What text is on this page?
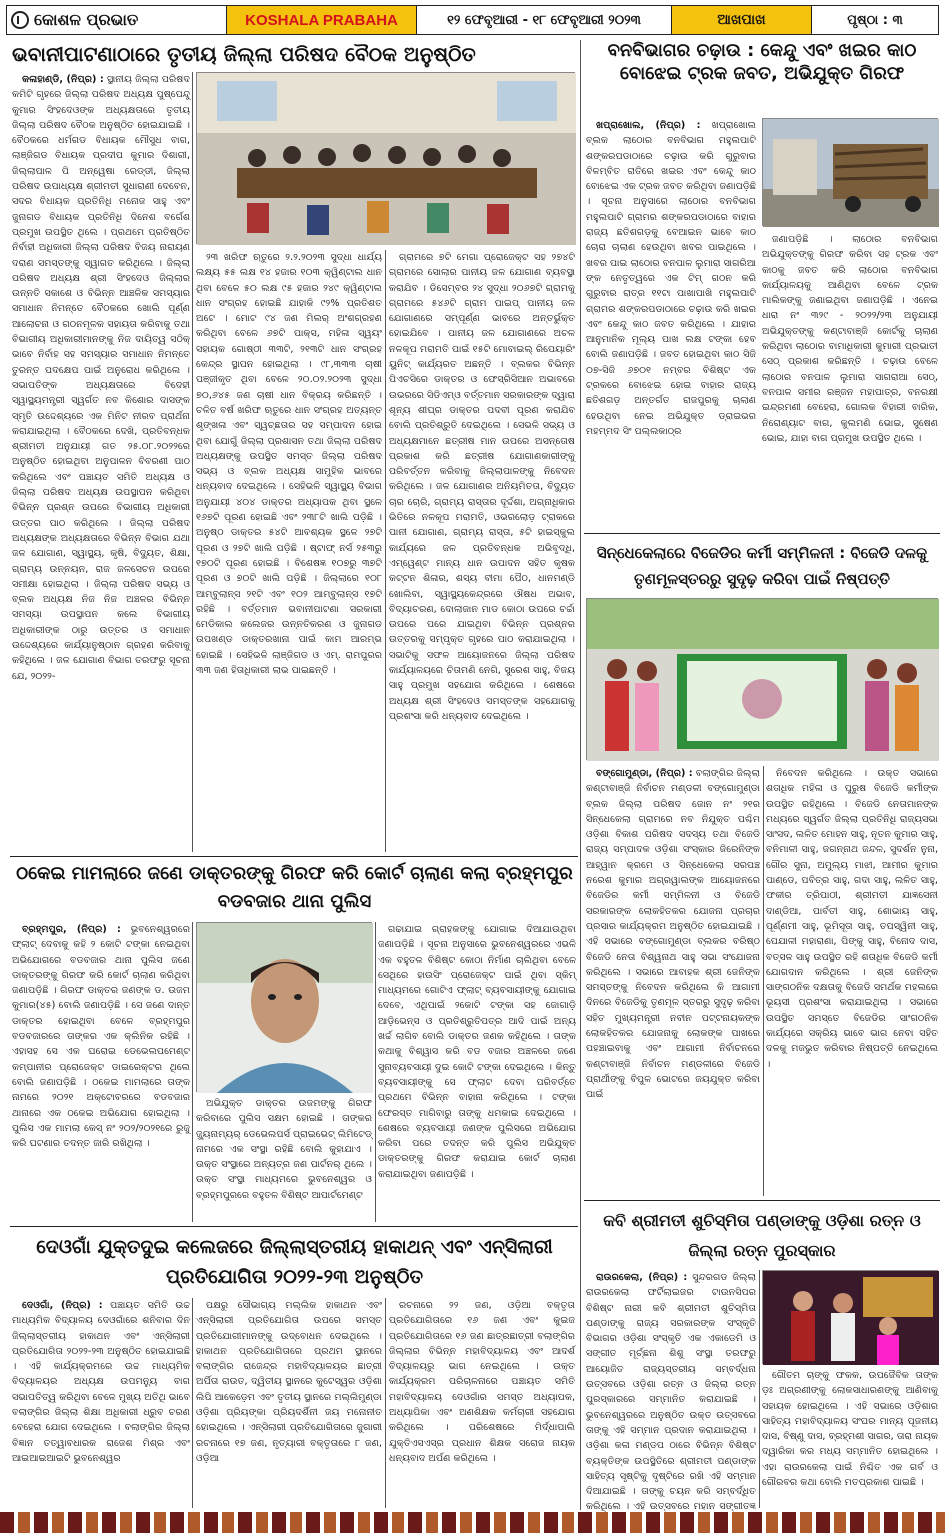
କୋଶଳ ପ୍ରଭାତ	KOSHALA PRABAHA	୧୨ ଫେବୃଆରୀ - ୧୮ ଫେବୃଆରୀ ୨୦୨୩	ଆଖପାଖ	ପୃଷ୍ଠା : ୩
ଭବାନୀପାଟଣାଠାରେ ତୃତୀୟ ଜିଲ୍ଲା ପରିଷଦ ବୈଠକ ଅନୁଷ୍ଠିତ

କଳାହାଣ୍ଡି, (ନିପ୍ର) : ସ୍ଥାନୀୟ ଜିଲ୍ଲା ପରିଷଦ କମିଟି ଗୃହରେ ଜିଲ୍ଲା ପରିଷଦ ଅଧ୍ୟକ୍ଷ ପୁଷ୍ପେନ୍ଦୁ କୁମାର ସିଂହଦେଓଙ୍କ ଅଧ୍ୟକ୍ଷତାରେ ତୃତୀୟ ଜିଲ୍ଲା ପରିଷଦ ବୈଠକ ଅନୁଷ୍ଠିତ ହୋଇଯାଇଛି । ବୈଠକରେ ଧର୍ମଗଡ ବିଧାୟକ ମୌସୁଧ ବାଗ, ଲାଞ୍ଜିଗଡ ବିଧାୟକ ପ୍ରଦୀପ କୁମାର ଦିଶାରୀ, ଜିଲ୍ଲାପାଳ ପି ଅନ୍ୱେଷା ରେଡ୍ଡୀ, ଜିଲ୍ଲା ପରିଷଦ ଉପାଧ୍ୟକ୍ଷ ଶ୍ରୀମତୀ ସୁଧାରାଣୀ ଦେବେନ, ସଦର ବିଧାୟକ ପ୍ରତିନିଧି ମନୋଜ ସାହୁ ଏବଂ ଜୁନାଗଡ ବିଧାୟକ ପ୍ରତିନିଧି ଦିନେଶ ବର୍ଗେଶ ପ୍ରମୁଖ ଉପସ୍ଥିତ ଥିଲେ । ପ୍ରଥମେ ପ୍ରତିଷ୍ଠିତ ନିର୍ବାହୀ ଅଧିକାରୀ ଜିଲ୍ଲା ପରିଷଦ ବିଜୟ ନାରାୟଣ ଦରାଣ ସମସ୍ତଙ୍କୁ ସ୍ୱାଗତ କରିଥିଲେ । ଜିଲ୍ଲା ପରିଷଦ ଅଧ୍ୟକ୍ଷ ଶ୍ରୀ ସିଂହଦେଓ ଜିଲ୍ଲାର ଉନ୍ନତି ସକାଶେ ଓ ବିଭିନ୍ନ ଆଞ୍ଚଳିକ ସମସ୍ୟାର ସମାଧାନ ନିମନ୍ତେ ବୈଠକରେ ଖୋଲି ପୂର୍ଣ୍ଣ ଆଲୋଚନା ଓ ଗଠନମୂଳକ ସହାୟତା କରିବାକୁ ତଥା ବିଭାଗୀୟ ଅଧିକାରୀମାନଙ୍କୁ ନିଜ ଦାୟିତ୍ୱ ସଠିକ୍ ଭାବେ ନିର୍ବାହ ସହ ସମସ୍ୟାର ସମାଧାନ ନିମନ୍ତେ ତୁରନ୍ତ ପଦକ୍ଷେପ ପାଇଁ ଅନୁରୋଧ କରିଥିଲେ । ସଭାପତିଙ୍କ ଅଧ୍ୟକ୍ଷତାରେ ବିଦେହୀ ସ୍ୱାସ୍ଥ୍ୟମନ୍ତ୍ରୀ ସ୍ୱର୍ଗତ ନବ କିଶୋର ଦାସଙ୍କ ସ୍ମୃତି ଉଦ୍ଦେଶ୍ୟରେ ଏକ ମିନିଟ ନୀରବ ପ୍ରାର୍ଥନା କରାଯାଇଥିଲା । ବୈଠକରେ ଦେଖି, ପ୍ରତିବନ୍ଧକ ଶ୍ରୀମତୀ ଅନୁଯାୟୀ ଗତ ୨୫.୦୮.୨୦୨୨ରେ ଅନୁଷ୍ଠିତ ହୋଇଥିବା ଅନୁପାଳନ ବିବରଣୀ ପାଠ କରିଥିଲେ ଏବଂ ପଞ୍ଚାୟତ ସମିତି ଅଧ୍ୟକ୍ଷ ଓ ଜିଲ୍ଲା ପରିଷଦ ଅଧ୍ୟକ୍ଷ ଉପସ୍ଥାପନ କରିଥିବା ବିଭିନ୍ନ ପ୍ରଶ୍ନ ଉପରେ ବିଭାଗୀୟ ଅଧିକାରୀ ଉତ୍ତର ପାଠ କରିଥିଲେ । ଜିଲ୍ଲା ପରିଷଦ ଅଧ୍ୟକ୍ଷଙ୍କ ଅଧ୍ୟକ୍ଷତାରେ ବିଭିନ୍ନ ବିଭାଗ ଯଥା ଜଳ ଯୋଗାଣ, ସ୍ୱାସ୍ଥ୍ୟ, କୃଷି, ବିଦ୍ୟୁତ, ଶିକ୍ଷା, ଗ୍ରାମ୍ୟ ଉନ୍ନୟନ, ରାଜ ଜଳସେଚନ ଉପରେ ସମୀକ୍ଷା ହୋଇଥିଲା । ଜିଲ୍ଲା ପରିଷଦ ସଭ୍ୟ ଓ ବ୍ଲକ ଅଧ୍ୟକ୍ଷ ନିଜ ନିଜ ଅଞ୍ଚଳର ବିଭିନ୍ନ ସମସ୍ୟା ଉପସ୍ଥାପନ କଲେ ବିଭାଗୀୟ ଅଧିକାରୀଙ୍କ ଠାରୁ ଉତ୍ତର ଓ ସମାଧାନ ଉଦ୍ଦେଶ୍ୟରେ କାର୍ଯ୍ୟାନୁଷ୍ଠାନ ଗ୍ରହଣ କରିବାକୁ କହିଥିଲେ । ଜଳ ଯୋଗାଣ ବିଭାଗ ତରଫରୁ ସୂଚନା ଯେ, ୨୦୨୨-

୨୩ ଖରିଫ ଋତୁରେ ୨.୨.୨୦୨୩ ସୁଦ୍ଧା ଧାର୍ଯ୍ୟ ଲକ୍ଷ୍ୟ ୫୫ ଲକ୍ଷ ୧୪ ହଜାର ୧୦୩ କ୍ୱିଣ୍ଟାଲ ଧାନ ଥିବା ବେଳେ ୫୦ ଲକ୍ଷ ୯୫ ହଜାର ୨୪୯ କ୍ୱିଣ୍ଟାଲ ଧାନ ସଂଗ୍ରହ ହୋଇଛି ଯାହାକି ୯୨% ପ୍ରତିଶତ ଅଟେ । ମୋଟ ୯୪ ଜଣ ମିଲର୍ ଅଂଶଗ୍ରହଣ କରିଥିବା ବେଳେ ୬୭ଟି ପାକ୍ସ, ମହିଳା ସ୍ୱୟଂ ସହାୟକ ଗୋଷ୍ଠୀ ୩୩ଟି, ୨୧୩ଟି ଧାନ ସଂଗ୍ରହ କେନ୍ଦ୍ର ସ୍ଥାପନ ହୋଇଥିଲା । ୯୮,୩୩୩ ଚାଷୀ ପଞ୍ଜୀକୃତ ଥିବା ବେଳେ ୨୦.୦୨.୨୦୨୩ ସୁଦ୍ଧା ୭୦,୬୪୫ ଜଣ ଚାଷୀ ଧାନ ବିକ୍ରୟ କରିଛନ୍ତି । ଚଳିତ ବର୍ଷ ଖରିଫ ଋତୁରେ ଧାନ ସଂଗ୍ରହ ଅତ୍ୟନ୍ତ ଶୃଙ୍ଖଳା ଏବଂ ସ୍ୱଚ୍ଛତାର ସହ ସମ୍ପାଦନ ହୋଇ ଥିବା ଯୋଗୁଁ ଜିଲ୍ଲା ପ୍ରଶାସନ ତଥା ଜିଲ୍ଲା ପରିଷଦ ଅଧ୍ୟକ୍ଷଙ୍କୁ ଉପସ୍ଥିତ ସମସ୍ତ ଜିଲ୍ଲା ପରିଷଦ ସଭ୍ୟ ଓ ବ୍ଲକ ଅଧ୍ୟକ୍ଷ ସାମୁହିକ ଭାବରେ ଧନ୍ୟବାଦ ଦେଇଥିଲେ । ସେହିଭଳି ସ୍ୱାସ୍ଥ୍ୟ ବିଭାଗ ଅନୁଯାୟୀ ୪୦୪ ଡାକ୍ତର ଅଧ୍ୟାପକ ଥିବା ସ୍ଥଳେ ୧୬୭ଟି ପୂରଣ ହୋଇଛି ଏବଂ ୨୩୮ଟି ଖାଲି ପଡ଼ିଛି । ଅନୁଷ୍ଠ ଡାକ୍ତର ୫୪ଟି ଆବଶ୍ୟକ ସ୍ଥଳେ ୨୭ଟି ପୂରଣ ଓ ୨୭ଟି ଖାଲି ପଡ଼ିଛି । ଷ୍ଟାଫ୍ ନର୍ସ ୨୫୩ରୁ ୧୭୦ଟି ପୂରଣ ହୋଇଛି । ବିଶେଷଜ୍ଞ ୧୦୭ରୁ ୩୭ଟି ପୂରଣ ଓ ୭୦ଟି ଖାଲି ପଡ଼ିଛି । ଜିଲ୍ଲାରେ ୧୦୮ ଆମ୍ବୁଲାନ୍ସ ୨୧ଟି ଏବଂ ୧୦୨ ଆମ୍ବୁଲାନ୍ସ ୧୭ଟି ରହିଛି । ବର୍ତ୍ତମାନ ଭବାନୀପାଟଣା ସରକାରୀ ମେଡିକାଲ କଲେଜର ଉନ୍ନତିକରଣ ଓ ଜୁନାଗଡ ଉପଖଣ୍ଡ ଡାକ୍ତରଖାନା ପାଇଁ କାମ ଆରମ୍ଭ ହୋଇଛି । ସେହିଭଳି ଲାଞ୍ଜିଗଡ ଓ ଏମ୍. ରାମପୁରର ୩୩ ଜଣ ହିତାଧିକାରୀ ଲାଭ ପାଇଛନ୍ତି ।

ଗ୍ରାମରେ ୭ଟି ମେଗା ପ୍ରୋଜେକ୍ଟ ସହ ୨୭୪ଟି ଗ୍ରାମରେ ସୋଲାର ପାନୀୟ ଜଳ ଯୋଗାଣ ବ୍ୟବସ୍ଥା କରାଯିବ । ଡିସେମ୍ବର ୨୪ ସୁଦ୍ଧା ୨୦୬୭ଟି ଗ୍ରାମକୁ ଗ୍ରାମରେ ୫୪୬ଟି ଗ୍ରାମ ପାଇପ୍ ପାନୀୟ ଜଳ ଯୋଗାଣରେ ସମ୍ପୂର୍ଣ୍ଣ ଭାବରେ ଅନ୍ତର୍ଭୁକ୍ତ ହୋଇଯିବେ । ପାନୀୟ ଜଳ ଯୋଗାଣରେ ଅଚଳ ନଳକୂପ ମରାମତି ପାଇଁ ୧୫ଟି ମୋବାଇଲ୍ ରିପେୟାରିଂ ୟୁନିଟ୍ କାର୍ଯ୍ୟରତ ଅଛନ୍ତି । ବ୍ଲକର ବିଭିନ୍ନ ପିଏଚସିରେ ଡାକ୍ତର ଓ ଫେସ୍ରିସିଆନ ଅଭାବରେ ଉଭରରେ ସିଡିଏମ୍ଓ ବର୍ତ୍ତମାନ ସରକାରଙ୍କ ଦ୍ୱାରା ଶୂନ୍ୟ ଶୀଘ୍ର ଡାକ୍ତର ପଦବୀ ପୂରଣ କରାଯିବ ବୋଲି ପ୍ରତିଶ୍ରୁତି ଦେଇଥିଲେ । ସେଭଳି ସଭ୍ୟ ଓ ଅଧ୍ୟକ୍ଷମାନେ ଛତ୍ରୀଷ ମାନ ଉପରେ ଅସନ୍ତୋଷ ପ୍ରକାଶ କରି ଛତ୍ରୀଷ ଯୋଗାଣକାରୀଙ୍କୁ ପରିବର୍ତ୍ତନ କରିବାକୁ ଜିଲ୍ଲାପାଳଙ୍କୁ ନିବେଦନ କରିଥିଲେ । ଜଳ ଯୋଗାଣର ଅନିୟମିତତା, ବିଦ୍ୟୁତ ଚାର ଚୋରି, ଗ୍ରାମ୍ୟ ରାସ୍ତାର ଦୂର୍ଦ୍ଦଶା, ଅଗ୍ନାଧିକାର ଭିତିରେ ନଳକୂପ ମରାମତି, ଓଭରଲୋଡ଼ ଟ୍ରାକରେ ପାନୀ ଯୋଗାଣ, ଗ୍ରାମ୍ୟ ରାସ୍ତା, ୫ଟି ହାଇସ୍କୁଲ କାର୍ଯ୍ୟରେ ଜଳ ପ୍ରତିବନ୍ଧକ ଅଭିବୃଦ୍ଧି, ଏମ୍ୱେଣ୍ଟ ମାନ୍ୟ ଧାନ ଉପାଦନ ସହିତ କୃଷକ କଟ୍ଟନ ଶିଳାର, ଶସ୍ୟ ବୀମା ପୈଠ, ଧାନମଣ୍ଡି ଖୋଲିବା, ସ୍ୱାସ୍ଥ୍ୟକେନ୍ଦ୍ରରେ ଔଷଧ ଅଭାବ, ବିଦ୍ୟାଚରଣ, ଦୋଲାଜାନ ମାଡ କୋଠା ଉପରେ ଚର୍ଚ୍ଚା ଉପରେ ପରେ ଯାଇଥିବା ବିଭିନ୍ନ ପ୍ରଶ୍ନର ଉତ୍ତରକୁ ସମ୍ପୃକ୍ତ ଗୃହରେ ପାଠ କରାଯାଇଥିଲା । ସଭାଟିକୁ ସଫଳ ଆୟୋଜନରେ ଜିଲ୍ଲା ପରିଷଦ କାର୍ଯ୍ୟାଳୟରେ ଚିତାମଣି ନେଗି, ସୁରେଶ ସାହୁ, ବିଜୟ ସାହୁ ପ୍ରମୁଖ ସହଯୋଗ କରିଥିଲେ । ଶେଷରେ ଅଧ୍ୟକ୍ଷ ଶ୍ରୀ ସିଂହଦେଓ ସମସ୍ତଙ୍କ ସହଯୋଗକୁ ପ୍ରଶଂସା କରି ଧନ୍ୟବାଦ ଦେଇଥିଲେ ।

ବନବିଭାଗର ଚଢ଼ାଉ : କେନ୍ଦୁ ଏବଂ ଖଇର କାଠ ବୋଝେଇ ଟ୍ରକ ଜବତ, ଅଭିଯୁକ୍ତ ଗିରଫ

ଖପ୍ରାଖୋଲ, (ନିପ୍ର) : ଖପ୍ରାଖୋଲ ବ୍ଲକ ଲାଠୋର ବନବିଭାଗ ମହୁଲପାଟି ଶଙ୍କରପଡାଠାରେ ଚଢ଼ାଉ କରି ଗୁରୁବାର ବିଳମ୍ବିତ ରାତିରେ ଖଇର ଏବଂ କେନ୍ଦୁ କାଠ ବୋଝେଇ ଏକ ଟ୍ରକ ଜବତ କରିଥିବା ଜଣାପଡ଼ିଛି । ସୂଚନା ଅନୁସାରେ ଲାଠୋର ବନବିଭାଗ ମହୁଲପାଟି ଗ୍ରାମର ଶଙ୍କରପଡାଠାରେ ବାହାର ରାଜ୍ୟ ଛତିଶଗଡ଼କୁ ବେଆଇନ ଭାବେ କାଠ ଚୋରା ଚାଲାଣ ହେଉଥିବା ଖବର ପାଇଥିଲେ । ଖବର ପାଇ ଲାଠୋର ବନପାଳ ଲୁମାରା ସାଗରିଆ ଙ୍କ ନେତୃତ୍ୱରେ ଏକ ଟିମ୍ ଗଠନ କରି ଗୁରୁବାର ରାତ୍ର ୧୧ଟା ପାଖାପାଖି ମହୁଲପାଟି ଗ୍ରାମର ଶଙ୍କରପଡାଠାରେ ଚଢ଼ାଉ କରି ଖଇର ଏବଂ କେନ୍ଦୁ କାଠ ଜବତ କରିଥିଲେ । ଯାହାର ଆନୁମାନିକ ମୂଲ୍ୟ ପାଖ ଲକ୍ଷ ଟଙ୍କା ହେବ ବୋଲି ଜଣାପଡ଼ିଛି । ଜବତ ହୋଇଥିବା କାଠ ସିଜି ୦୭-ସିଜି ୬୭୦୧ ନମ୍ବର ବିଶିଷ୍ଟ ଏକ ଟ୍ରକରେ ବୋଝେଇ ହୋଇ ବାହାର ରାଜ୍ୟ ଛତିଶଗଡ଼ ଅନ୍ତର୍ଗତ ରାଜପୁରକୁ ଚାଲାଣ ହେଉଥିବା ନେଇ ଅଭିଯୁକ୍ତ ଡ୍ରାଇଭର ମହମ୍ମଦ ସିଂ ପଲ୍ଲକାଠ୍ର

ଜଣାପଡ଼ିଛି । ଲାଠୋର ବନବିଭାଗ ଅଭିଯୁକ୍ତଙ୍କୁ ଗିରଫ କରିବା ସହ ଟ୍ରକ ଏବଂ କାଠକୁ ଜବତ କରି ଲାଠୋର ବନବିଭାଗ କାର୍ଯ୍ୟାଳୟକୁ ଆଣିଥିବା ବେଳେ ଟ୍ରକ ମାଲିକଙ୍କୁ ଜଣାଇଥିବା ଜଣାପଡ଼ିଛି । ଏନେଇ ଧାରା ନଂ ୩୨୯ - ୨୦୨୨/୨୩ ଅନୁଯାୟୀ ଅଭିଯୁକ୍ତଙ୍କୁ କଣ୍ଟାବାଞ୍ଜି କୋର୍ଟକୁ ଚାଲାଣ କରିଥିବା ଲାଠୋର ବାମାଧିକାରୀ କୁମାରୀ ପ୍ରଭାତୀ ସେଠ୍ ପ୍ରକାଶ କରିଛନ୍ତି । ଚଢ଼ାଉ ବେଳେ ଲାଠୋର ବନପାଳ ଲୁମାରା ସାଗରାଆ ସେଠ୍, ବନପାଳ ସମୀର ରଞ୍ଜନ ମହାପାତ୍ର, ବନରକ୍ଷୀ ଇନ୍ଦ୍ରମଣୀ ବେହେରା, ଗୋଲକ ବିହାରୀ ବାରିକ, ନିରୋଣ୍ୟାଟ ବାଗ, କୁଲମଣି ଭୋଇ, ସୁଷେଣ ଭୋଇ, ଯାହା ବାଗ ପ୍ରମୁଖ ଉପସ୍ଥିତ ଥିଲେ ।

ସିନ୍ଧେକେଲାରେ ବିଜେଡିର କର୍ମୀ ସମ୍ମିଳନୀ : ବିଜେଡି ଦଳକୁ ତୃଣମୂଳସ୍ତରରୁ ସୁଦୃଢ଼ କରିବା ପାଇଁ ନିଷ୍ପତ୍ତି

ବଙ୍ଗୋମୁଣ୍ଡା, (ନିପ୍ର) : ବଲାଙ୍ଗିର ଜିଲ୍ଲା କଣ୍ଟାବାଞ୍ଜି ନିର୍ବାଚନ ମଣ୍ଡଳୀ ବଙ୍ଗୋମୁଣ୍ଡା ବ୍ଲକ ଜିଲ୍ଲା ପରିଷଦ ଜୋନ ନଂ ୨୧ର ସିନ୍ଧେକେଲା ଗ୍ରାମରେ ନବ ନିଯୁକ୍ତ ପଶ୍ଚିମ ଓଡ଼ିଶା ବିକାଶ ପରିଷଦ ସଦସ୍ୟ ତଥା ବିଜେଡି ରାଜ୍ୟ ସମ୍ପାଦକ ଓଡ଼ିଶା ସଂସ୍କାର ଜିରେନିଙ୍କ ଆହ୍ୱାନ କ୍ରମେ ଓ ସିନ୍ଧେକେଲା ସରପଞ୍ଚ ନରେଶ କୁମାର ଅଗ୍ରୱାଲଙ୍କ ଆୟୋଜନରେ ବିଜେଡିର କର୍ମୀ ସମ୍ମିଳନୀ ଓ ବିଜେଡି ସରକାରଙ୍କ ଲୋକହିତକର ଯୋଜନା ପ୍ରଚାର ପ୍ରସାର କାର୍ଯ୍ୟକ୍ରମ ଅନୁଷ୍ଠିତ ହୋଇଯାଇଛି । ଏହି ସଭାରେ ବଙ୍ଗୋମୁଣ୍ଡା ବ୍ଲକର ବରିଷ୍ଠ ବିଜେଡି ନେତା ବିଶ୍ୱନାଥ ସାହୁ ସଭା ସଂଯୋଜନା କରିଥିଲେ । ସଭାରେ ଆବାହକ ଶ୍ରୀ ଜେନିଙ୍କ ସମସ୍ତଙ୍କୁ ନିବେଦନ କରିଥିଲେ କି ଆଗାମୀ ଦିନରେ ବିଜେଡିକୁ ତୃଣମୂଳ ସ୍ତରରୁ ସୁଦୃଢ଼ କରିବା ସହିତ ମୁଖ୍ୟମନ୍ତ୍ରୀ ନବୀନ ପଟ୍ଟନାୟକଙ୍କ ଲୋକହିତକର ଯୋଜନାକୁ ଲୋକଙ୍କ ପାଖରେ ପହଞ୍ଚାଇବାକୁ ଏବଂ ଆଗାମୀ ନିର୍ବାଚନରେ କଣ୍ଟାବାଞ୍ଜି ନିର୍ବାଚନ ମଣ୍ଡଳୀରେ ବିଜେଡି ପ୍ରାର୍ଥୀଙ୍କୁ ବିପୁଳ ଭୋଟରେ ଜୟଯୁକ୍ତ କରିବା ପାଇଁ

ନିବେଦନ କରିଥିଲେ । ଉକ୍ତ ସଭାରେ ଶତାଧିକ ମହିଳା ଓ ପୁରୁଷ ବିଜେଡି କର୍ମୀଙ୍କ ଉପସ୍ଥିତ ରହିଥିଲେ । ବିଜେଡି ନେତାମାନଙ୍କ ମଧ୍ୟରେ ସ୍ୱର୍ଗତ ଜିଲ୍ଲା ପ୍ରତିନିଧି ରାଜ୍ୟସଭା ସାଂସଦ, ଲଳିତ ମୋହନ ସାହୁ, ନୂତନ କୁମାର ସାହୁ, ବନିମାଳୀ ସାହୁ, ଜଗନ୍ନାଥ ଜନ୍ଦଳ, ସୁଦର୍ଶନ ନୁନା, ଗୌର ସୁନା, ଅମୁଲ୍ୟ ମାଝୀ, ଆମୀର କୁମାର ପାଣ୍ଡେ, ପବିତ୍ର ସାହୁ, ଗଦା ସାହୁ, ଲଳିତ ସାହୁ, ଫକୀର ତ୍ରିପାଠୀ, ଶ୍ରୀମତୀ ଯାଜ୍ଞସେନୀ ଦାଣ୍ଡିଆ, ପାର୍ବତୀ ସାହୁ, ଶୋଭାୟ ସାହୁ, ପୂର୍ଣ୍ଣମୀ ସାହୁ, ଭୂମିସୂତା ସାହୁ, ତପସ୍ୱିନୀ ସାହୁ, ପେଯାଳୀ ମହାରାଣା, ପିଙ୍କୁ ସାହୁ, ବିନୋଦ ଦାସ, ବତ୍ସଳ ସାହୁ ଉପସ୍ଥିତ ରହି ଶତାଧିକ ବିଜେଡି କର୍ମୀ ଯୋଗଦାନ କରିଥିଲେ । ଶ୍ରୀ ଜେନିଙ୍କ ସାଙ୍ଗଠନିକ ଦକ୍ଷତାକୁ ବିଜେଡି ସମର୍ଥକ ମହଲରେ ଭୂୟସୀ ପ୍ରଶଂସା କରାଯାଇଥିଲା । ସଭାରେ ଉପସ୍ଥିତ ସମସ୍ତେ ବିଜେଡିର ସାଂଗଠନିକ କାର୍ଯ୍ୟରେ ସକ୍ରିୟ ଭାବେ ଭାଗ ନେବା ସହିତ ଦଳକୁ ମଜଭୁତ କରିବାର ନିଷ୍ପତ୍ତି ନେଇଥିଲେ ।

ଠକେଇ ମାମଲାରେ ଜଣେ ଡାକ୍ତରଙ୍କୁ ଗିରଫ କରି କୋର୍ଟ ଚାଲାଣ କଲା ବ୍ରହ୍ମପୁର ବଡବଜାର ଥାନା ପୁଲିସ

ବ୍ରହ୍ମପୁର, (ନିପ୍ର) : ଭୁବନେଶ୍ୱରରେ ଫ୍ଲାଟ୍ ଦେବାକୁ କହି ୨ କୋଟି ଟଙ୍କା ନେଇଥିବା ଅଭିଯୋଗରେ ବଡବଜାର ଥାନା ପୁଲିସ ଜଣେ ଡାକ୍ତରଙ୍କୁ ଗିରଫ କରି କୋର୍ଟ ଚାଲାଣ କରିଥିବା ଜଣାପଡ଼ିଛି । ଗିରଫ ଡାକ୍ତର ଜଣଙ୍କ ଡ. ଉଜମ କୁମାର(୪୫) ବୋଲି ଜଣାପଡ଼ିଛି । ସେ ଜଣେ ଦାନ୍ତ ଡାକ୍ତର ହୋଇଥିବା ବେଳେ ବ୍ରହ୍ମପୁର ବଡବଜାରରେ ତାଙ୍କର ଏକ କ୍ଲିନିକ ରହିଛି । ଏହାସହ ସେ ଏକ ଘରୋଇ ଡେଭେଲପମେଣ୍ଟ କମ୍ପାନୀର ପ୍ରୋଜେକ୍ଟ ଡାଇରେକ୍ଟର ଥିଲେ ବୋଲି ଜଣାପଡ଼ିଛି । ଠକେଇ ମାମଲାରେ ତାଙ୍କ ନାମରେ ୨୦୨୧ ଅକ୍ଟୋବରରେ ବଡବଜାର ଥାନାରେ ଏକ ଠକେଇ ଅଭିଯୋଗ ହୋଇଥିଲା । ପୁଲିସ ଏକ ମାମଲା କେସ୍ ନଂ ୨୦୨/୨୦୨୧ରେ ରୁଜୁ କରି ଘଟଣାର ତଦନ୍ତ ଜାରି ରଖିଥିଲା ।

ଅଭିଯୁକ୍ତ ଡାକ୍ତର ଉଜମଙ୍କୁ ଗିରଫ କରିବାରେ ପୁଲିସ ସକ୍ଷମ ହୋଇଛି । ତାଙ୍କର ଜ୍ୟୁନାମ୍ୟର୍ ଡେଭେଲପର୍ସ ପ୍ରାଇଭେଟ୍ ଲିମିଟେଡ୍ ନାମରେ ଏକ ସଂସ୍ଥା ରହିଛି ବୋଲି କୁହାଯାଏ । ଉକ୍ତ ସଂସ୍ଥାରେ ଅନ୍ୟତ୍ର ଜଣ ପାର୍ଟନର୍ ଥିଲେ । ଉକ୍ତ ସଂସ୍ଥା ମାଧ୍ୟମରେ ଭୁବନେଶ୍ୱର ଓ ବ୍ରହ୍ମପୁରରେ ବହୁତଳ ବିଶିଷ୍ଟ ଆପାର୍ଟମେଣ୍ଟ

ଗଢାଯାଇ ଗ୍ରାହକଙ୍କୁ ଯୋଗାଇ ଦିଆଯାଉଥିବା ଜଣାପଡ଼ିଛି । ସୂଚନା ଅନୁସାରେ ଭୁବନେଶ୍ୱରରେ ଏଭଳି ଏକ ବହୁତଳ ବିଶିଷ୍ଟ କୋଠା ନିର୍ମାଣ ଚାଲିଥିବା ବେଳେ ସେଥିରେ ହାଉସିଂ ପ୍ରୋଜେକ୍ଟ ପାଇଁ ଥିବା ସ୍କିମ୍ ମାଧ୍ୟମରେ ଗୋଟିଏ ଫ୍ଲାଟ୍ ବ୍ୟବସାୟୀଙ୍କୁ ଯୋଗାଇ ଦେବେ, ଏଥିପାଇଁ ୨କୋଟି ଟଙ୍କା ସହ ଜୋଗାଡ଼ି ଆଡ଼ିଭେନ୍ସ ଓ ପ୍ରତିଶ୍ରୁତିପତ୍ର ଆଦି ପାଇଁ ଅନ୍ୟ ଖର୍ଚ୍ଚ ଲାଗିବ ବୋଲି ଡାକ୍ତର ଜଣକ କହିଥିଲେ । ତାଙ୍କ କଥାକୁ ବିଶ୍ୱାସ କରି ବଡ ବଜାର ଅଞ୍ଚଳରେ ଜଣେ ସୁନାବ୍ୟବସାୟୀ ଦୁଇ କୋଟି ଟଙ୍କା ଦେଇଥିଲେ । କିନ୍ତୁ ବ୍ୟବସାୟୀଙ୍କୁ ସେ ଫ୍ଲାଟ ଦେବା ପରିବର୍ତ୍ତେ ପ୍ରଥମେ ବିଭିନ୍ନ ବାହାନା କରିଥିଲେ । ଟଙ୍କା ଫେରସ୍ତ ମାଗିବାରୁ ତାଙ୍କୁ ଧମକାଇ ଦେଇଥିଲେ । ଶେଷରେ ବ୍ୟବସାୟୀ ଜଣଙ୍କ ପୁଲିସରେ ଅଭିଯୋଗ କରିବା ପରେ ତଦନ୍ତ କରି ପୁଲିସ ଅଭିଯୁକ୍ତ ଡାକ୍ତରଙ୍କୁ ଗିରଫ କରାଯାଇ କୋର୍ଟ ଚାଲାଣ କରାଯାଇଥିବା ଜଣାପଡ଼ିଛି ।

ଦେଓଗାଁ ଯୁକ୍ତଦୁଇ କଲେଜରେ ଜିଲ୍ଲାସ୍ତରୀୟ ହାକାଥନ୍ ଏବଂ ଏନ୍ସିଲାରୀ ପ୍ରତିଯୋଗିତା ୨୦୨୨-୨୩ ଅନୁଷ୍ଠିତ

ଦେଓଗାଁ, (ନିପ୍ର) : ପଞ୍ଚାୟତ ସମିତି ଉଚ୍ଚ ମାଧ୍ୟମିକ ବିଦ୍ୟାଳୟ ଦେଓଗାଁରେ ଶନିବାର ଦିନ ଜିଲ୍ଲାସ୍ତରୀୟ ହାକାଥନ ଏବଂ ଏନ୍ସିଲାରୀ ପ୍ରତିଯୋଗିତା ୨୦୨୨-୨୩ ଅନୁଷ୍ଠିତ ହୋଇଯାଇଛି । ଏହି କାର୍ଯ୍ୟକ୍ରମରେ ଉଚ୍ଚ ମାଧ୍ୟମିକ ବିଦ୍ୟାଳୟର ଅଧ୍ୟକ୍ଷ ଉପମନ୍ୟୁ ବାଗ ସଭାପତିତ୍ୱ କରିଥିବା ବେଳେ ମୁଖ୍ୟ ଅତିଥି ଭାବେ ବଲାଙ୍ଗିର ଜିଲ୍ଲା ଶିକ୍ଷା ଅଧିକାରୀ ଧ୍ରୁବ ଚରଣ ବେହେରା ଯୋଗ ଦେଇଥିଲେ । ବଲାଙ୍ଗିର ଜିଲ୍ଲା ବିଜ୍ଞାନ ତତ୍ୱାବଧାରକ ରାଜେଶ ମିଶ୍ର ଏବଂ ଆଇଆଇଆଇଟି ଭୁବନେଶ୍ୱର

ପକ୍ଷରୁ ସୌଭାଗ୍ୟ ମଲ୍ଲିକ ହାକାଥନ ଏବଂ ଏନ୍ସିଲାରୀ ପ୍ରତିଯୋଗିତା ଉପରେ ସମସ୍ତ ପ୍ରତିଯୋଗୀମାନଙ୍କୁ ଉଦ୍ବୋଧନ ଦେଇଥିଲେ । ହାକାଥନ ପ୍ରତିଯୋଗିତାରେ ପ୍ରଥମ ସ୍ଥାନରେ ବଲାଙ୍ଗିର ରାଜେନ୍ଦ୍ର ମହାବିଦ୍ୟାଳୟର ଛାତ୍ରୀ ଅର୍ପିତା ରାଉତ, ଦ୍ୱିତୀୟ ସ୍ଥାନରେ କୁଟେସ୍ୱର ଓଡ଼ିଶା ଲିପି ଆକେଡ଼େମ ଏବଂ ତୃତୀୟ ସ୍ଥାନରେ ମଲ୍ଲିମୁଣ୍ଡା ଓଡ଼ିଶା ପ୍ରିୟଙ୍କା ପ୍ରିୟଦର୍ଶିନୀ ଜୟ ମନୋନୀତ ହୋଇଥିଲେ । ଏନ୍ସିଲାରୀ ପ୍ରତିଯୋଗିତାରେ ଜୁଗାରୀ ରଚନାରେ ୧୭ ଜଣ, ନୃତ୍ୟାରୀ ବକ୍ତୃତାରେ ୮ ଜଣ, ଓଡ଼ିଆ

ରଚନାରେ ୨୨ ଜଣ, ଓଡ଼ିଆ ବକ୍ତୃତା ପ୍ରତିଯୋଗିତାରେ ୧୬ ଜଣ ଏବଂ କୁଇଜ ପ୍ରତିଯୋଗିତାରେ ୧୬ ଜଣ ଛାତ୍ରଛାତ୍ରୀ ବଲାଙ୍ଗିର ଜିଲ୍ଲାର ବିଭିନ୍ନ ମହାବିଦ୍ୟାଳୟ ଏବଂ ଆଦର୍ଶ ବିଦ୍ୟାଳୟରୁ ଭାଗ ନେଇଥିଲେ । ଉକ୍ତ କାର୍ଯ୍ୟକ୍ରମ ପରିଚାଳନାରେ ପଞ୍ଚାୟତ ସମିତି ମହାବିଦ୍ୟାଳୟ ଦେଓଗାଁର ସମସ୍ତ ଅଧ୍ୟାପକ, ଅଧ୍ୟାପିକା ଏବଂ ଅଣଶିକ୍ଷକ କର୍ମଚାରୀ ସହଯୋଗ କରିଥିଲେ । ପରିଶେଷରେ ମିର୍ଦ୍ଧାପାଲି ଯୁକ୍ତିଏସଏସ୍‌ର ପ୍ରଧାନ ଶିକ୍ଷକ ସରୋଜ ନାୟକ ଧନ୍ୟବାଦ ଅର୍ପଣ କରିଥିଲେ ।

କବି ଶ୍ରୀମତୀ ଶୁଚିସ୍ମିତା ପଣ୍ଡାଙ୍କୁ ଓଡ଼ିଶା ରତ୍ନ ଓ ଜିଲ୍ଲା ରତ୍ନ ପୁରସ୍କାର

ରାଉରକେଲା, (ନିପ୍ର) : ସୁନ୍ଦରଗଡ ଜିଲ୍ଲା ରାଉରକେଲା ଫର୍ଟିଲାଇଜର ଟାଉନସିପର ବିଶିଷ୍ଟ ନାରୀ କବି ଶ୍ରୀମତୀ ଶୁଚିସ୍ମିତା ପଣ୍ଡାଙ୍କୁ ରାଜ୍ୟ ସରକାରଙ୍କ ସଂସ୍କୃତି ବିଭାଗର ଓଡ଼ିଶା ସଂସ୍କୃତି ଏକ ଏକାଡେମି ଓ ସଙ୍ଗୀତ ମୂର୍ଚ୍ଛନା ଶିଶୁ ସଂସ୍ଥା ତରଫରୁ ଆୟୋଜିତ ରାଜ୍ୟସ୍ତରୀୟ ସମ୍ବର୍ଦ୍ଧନା ଉତ୍ସବରେ ଓଡ଼ିଶା ରତ୍ନ ଓ ଜିଲ୍ଲା ରତ୍ନ ପୁରସ୍କାରରେ ସମ୍ମାନିତ କରାଯାଇଛି । ଭୁବନେଶ୍ୱରରେ ଅନୁଷ୍ଠିତ ଉକ୍ତ ଉତ୍ସବରେ ତାଙ୍କୁ ଏହି ସମ୍ମାନ ପ୍ରଦାନ କରାଯାଇଥିଲା । ଓଡ଼ିଶା କଳା ମଣ୍ଡପ ଠାରେ ବିଭିନ୍ନ ବିଶିଷ୍ଟ ବ୍ୟକ୍ତିଙ୍କ ଉପସ୍ଥିତିରେ ଶ୍ରୀମତୀ ପଣ୍ଡାଙ୍କ ସାହିତ୍ୟ ସୃଷ୍ଟିକୁ ଦୃଷ୍ଟିରେ ରଖି ଏହି ସମ୍ମାନ ଦିଆଯାଇଛି । ତାଙ୍କୁ ଚୟନ କରି ସମ୍ବର୍ଦ୍ଧିତ କରିଥିଲେ । ଏହି ଉତ୍ସବରେ ମହାନ ସଙ୍ଗୀତଜ୍ଞ

ଗୌତମ ଚାଙ୍କୁ ଫକକ, ଉପଜୈବିକ ତାଙ୍କ ଡ଼ଃ ଅଗ୍ରଣୀଙ୍କୁ ଲୋକସାଧାରଣଙ୍କୁ ଆଣିବାକୁ ସହାୟକ ହୋଇଥିଲେ । ଏହି ସଭାରେ ଓଡ଼ିଶାର ସାହିତ୍ୟ ମହାବିଦ୍ୟାଳୟ ସଂଘର ମାନ୍ୟ ପୂଜନୀୟ ଦାସ, ବିଷ୍ଣୁ ଦାସ, ବ୍ରହ୍ମଶୀ ସାଗର, ତାରା ନାୟକ ଦ୍ୱାରିକା କର ମଧ୍ୟ ସମ୍ମାନିତ ହୋଇଥିଲେ । ଏହା ରାଉରକେଲା ପାଇଁ ନିଶ୍ଚିତ ଏକ ଗର୍ବ ଓ ଗୌରବର କଥା ବୋଲି ମତପ୍ରକାଶ ପାଇଛି ।
